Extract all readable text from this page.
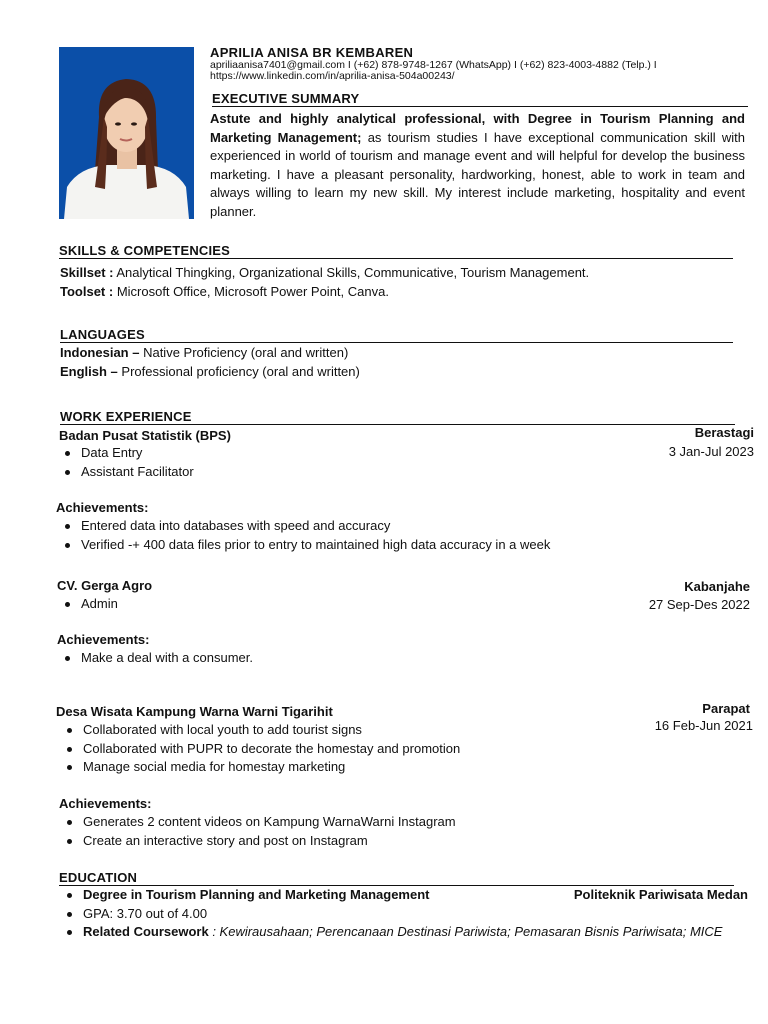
APRILIA ANISA BR KEMBAREN
apriliaanisa7401@gmail.com I (+62) 878-9748-1267 (WhatsApp) I (+62) 823-4003-4882 (Telp.) I
https://www.linkedin.com/in/aprilia-anisa-504a00243/
EXECUTIVE SUMMARY
Astute and highly analytical professional, with Degree in Tourism Planning and Marketing Management; as tourism studies I have exceptional communication skill with experienced in world of tourism and manage event and will helpful for develop the business marketing. I have a pleasant personality, hardworking, honest, able to work in team and always willing to learn my new skill. My interest include marketing, hospitality and event planner.
SKILLS & COMPETENCIES
Skillset : Analytical Thingking, Organizational Skills, Communicative, Tourism Management.
Toolset : Microsoft Office, Microsoft Power Point, Canva.
LANGUAGES
Indonesian – Native Proficiency (oral and written)
English – Professional proficiency (oral and written)
WORK EXPERIENCE
Badan Pusat Statistik (BPS)	Berastagi
3 Jan-Jul 2023
Data Entry
Assistant Facilitator
Achievements:
Entered data into databases with speed and accuracy
Verified -+ 400 data files prior to entry to maintained high data accuracy in a week
CV. Gerga Agro	Kabanjahe
27 Sep-Des 2022
Admin
Achievements:
Make a deal with a consumer.
Desa Wisata Kampung Warna Warni Tigarihit	Parapat
16 Feb-Jun 2021
Collaborated with local youth to add tourist signs
Collaborated with PUPR to decorate the homestay and promotion
Manage social media for homestay marketing
Achievements:
Generates 2 content videos on Kampung WarnaWarni Instagram
Create an interactive story and post on Instagram
EDUCATION
Degree in Tourism Planning and Marketing Management	Politeknik Pariwisata Medan
GPA: 3.70 out of 4.00
Related Coursework : Kewirausahaan; Perencanaan Destinasi Pariwista; Pemasaran Bisnis Pariwisata; MICE
